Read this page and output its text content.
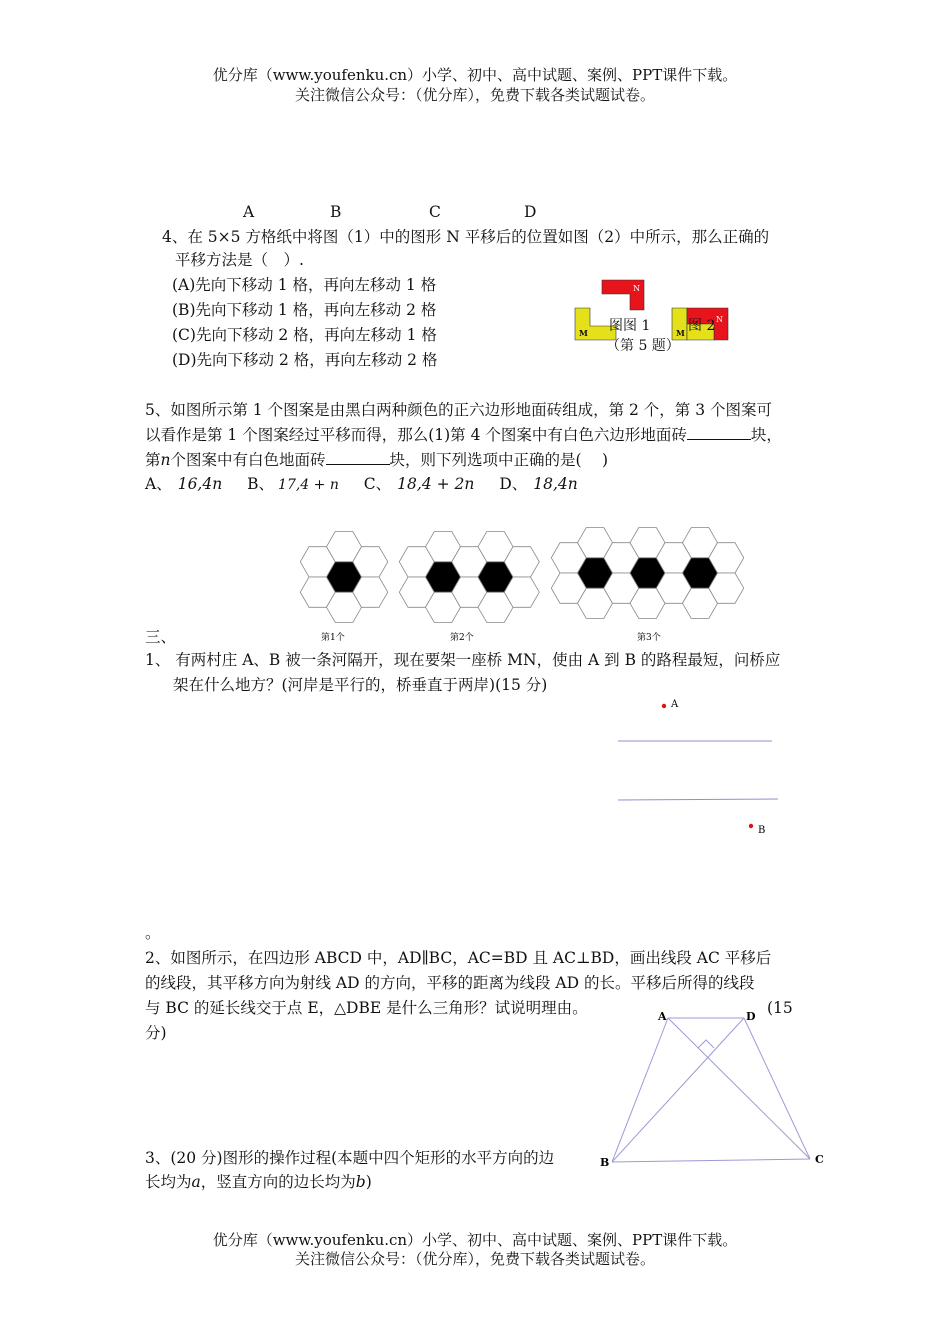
优分库（www.youfenku.cn）小学、初中、高中试题、案例、PPT课件下载。
关注微信公众号：（优分库），免费下载各类试题试卷。
A	B	C	D
4、在 5×5 方格纸中将图（1）中的图形 N 平移后的位置如图（2）中所示，那么正确的
平移方法是（　）.
(A)先向下移动 1 格，再向左移动 1 格
(B)先向下移动 1 格，再向左移动 2 格
(C)先向下移动 2 格，再向左移动 1 格
(D)先向下移动 2 格，再向左移动 2 格
N
M	M
N
图图 1	图 2
（第 5 题）
5、如图所示第 1 个图案是由黑白两种颜色的正六边形地面砖组成，第 2 个，第 3 个图案可
以看作是第 1 个图案经过平移而得，那么(1)第 4 个图案中有白色六边形地面砖	块，
第n个图案中有白色地面砖	块，则下列选项中正确的是(　 )
A、 16,4n B、 17,4 + n C、 18,4 + 2n D、 18,4n
第1个	第2个	第3个
三、
1、 有两村庄 A、B 被一条河隔开，现在要架一座桥 MN，使由 A 到 B 的路程最短，问桥应
架在什么地方？(河岸是平行的，桥垂直于两岸)(15 分)
A
B
。
2、如图所示，在四边形 ABCD 中，AD∥BC，AC=BD 且 AC⊥BD，画出线段 AC 平移后
的线段，其平移方向为射线 AD 的方向，平移的距离为线段 AD 的长。平移后所得的线段
与 BC 的延长线交于点 E，△DBE 是什么三角形？试说明理由。	(15
分)
A	D
B	C
3、(20 分)图形的操作过程(本题中四个矩形的水平方向的边
长均为a，竖直方向的边长均为b)
优分库（www.youfenku.cn）小学、初中、高中试题、案例、PPT课件下载。
关注微信公众号：（优分库），免费下载各类试题试卷。
